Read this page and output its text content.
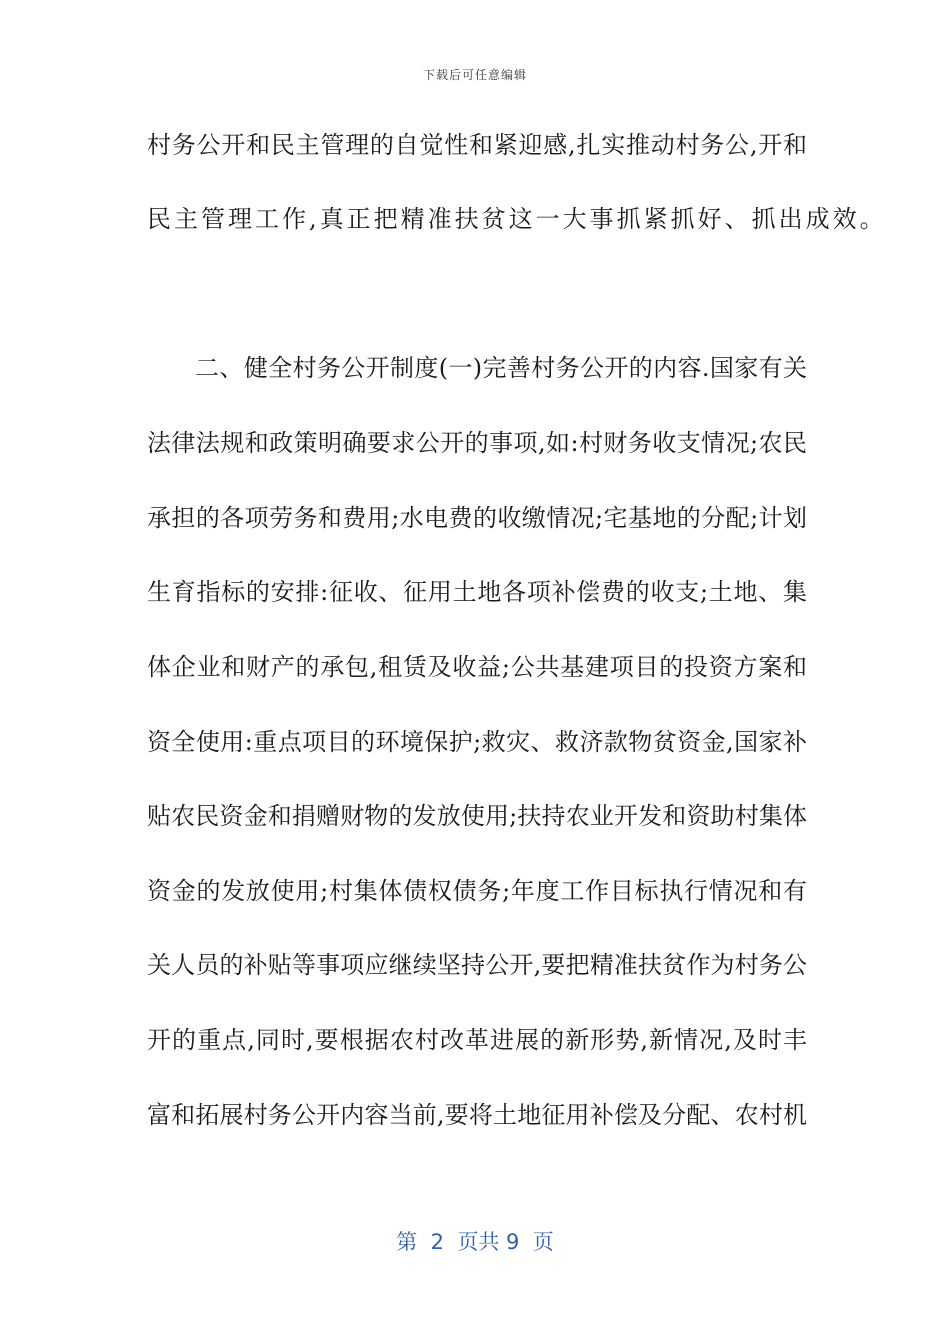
下载后可任意编辑
村务公开和民主管理的自觉性和紧迎感,扎实推动村务公,开和
民主管理工作,真正把精准扶贫这一大事抓紧抓好、抓出成效。
二、健全村务公开制度(一)完善村务公开的内容.国家有关
法律法规和政策明确要求公开的事项,如:村财务收支情况;农民
承担的各项劳务和费用;水电费的收缴情况;宅基地的分配;计划
生育指标的安排:征收、征用土地各项补偿费的收支;土地、集
体企业和财产的承包,租赁及收益;公共基建项目的投资方案和
资全使用:重点项目的环境保护;救灾、救济款物贫资金,国家补
贴农民资金和捐赠财物的发放使用;扶持农业开发和资助村集体
资金的发放使用;村集体债权债务;年度工作目标执行情况和有
关人员的补贴等事项应继续坚持公开,要把精准扶贫作为村务公
开的重点,同时,要根据农村改革进展的新形势,新情况,及时丰
富和拓展村务公开内容当前,要将土地征用补偿及分配、农村机
第  2  页共 9  页
